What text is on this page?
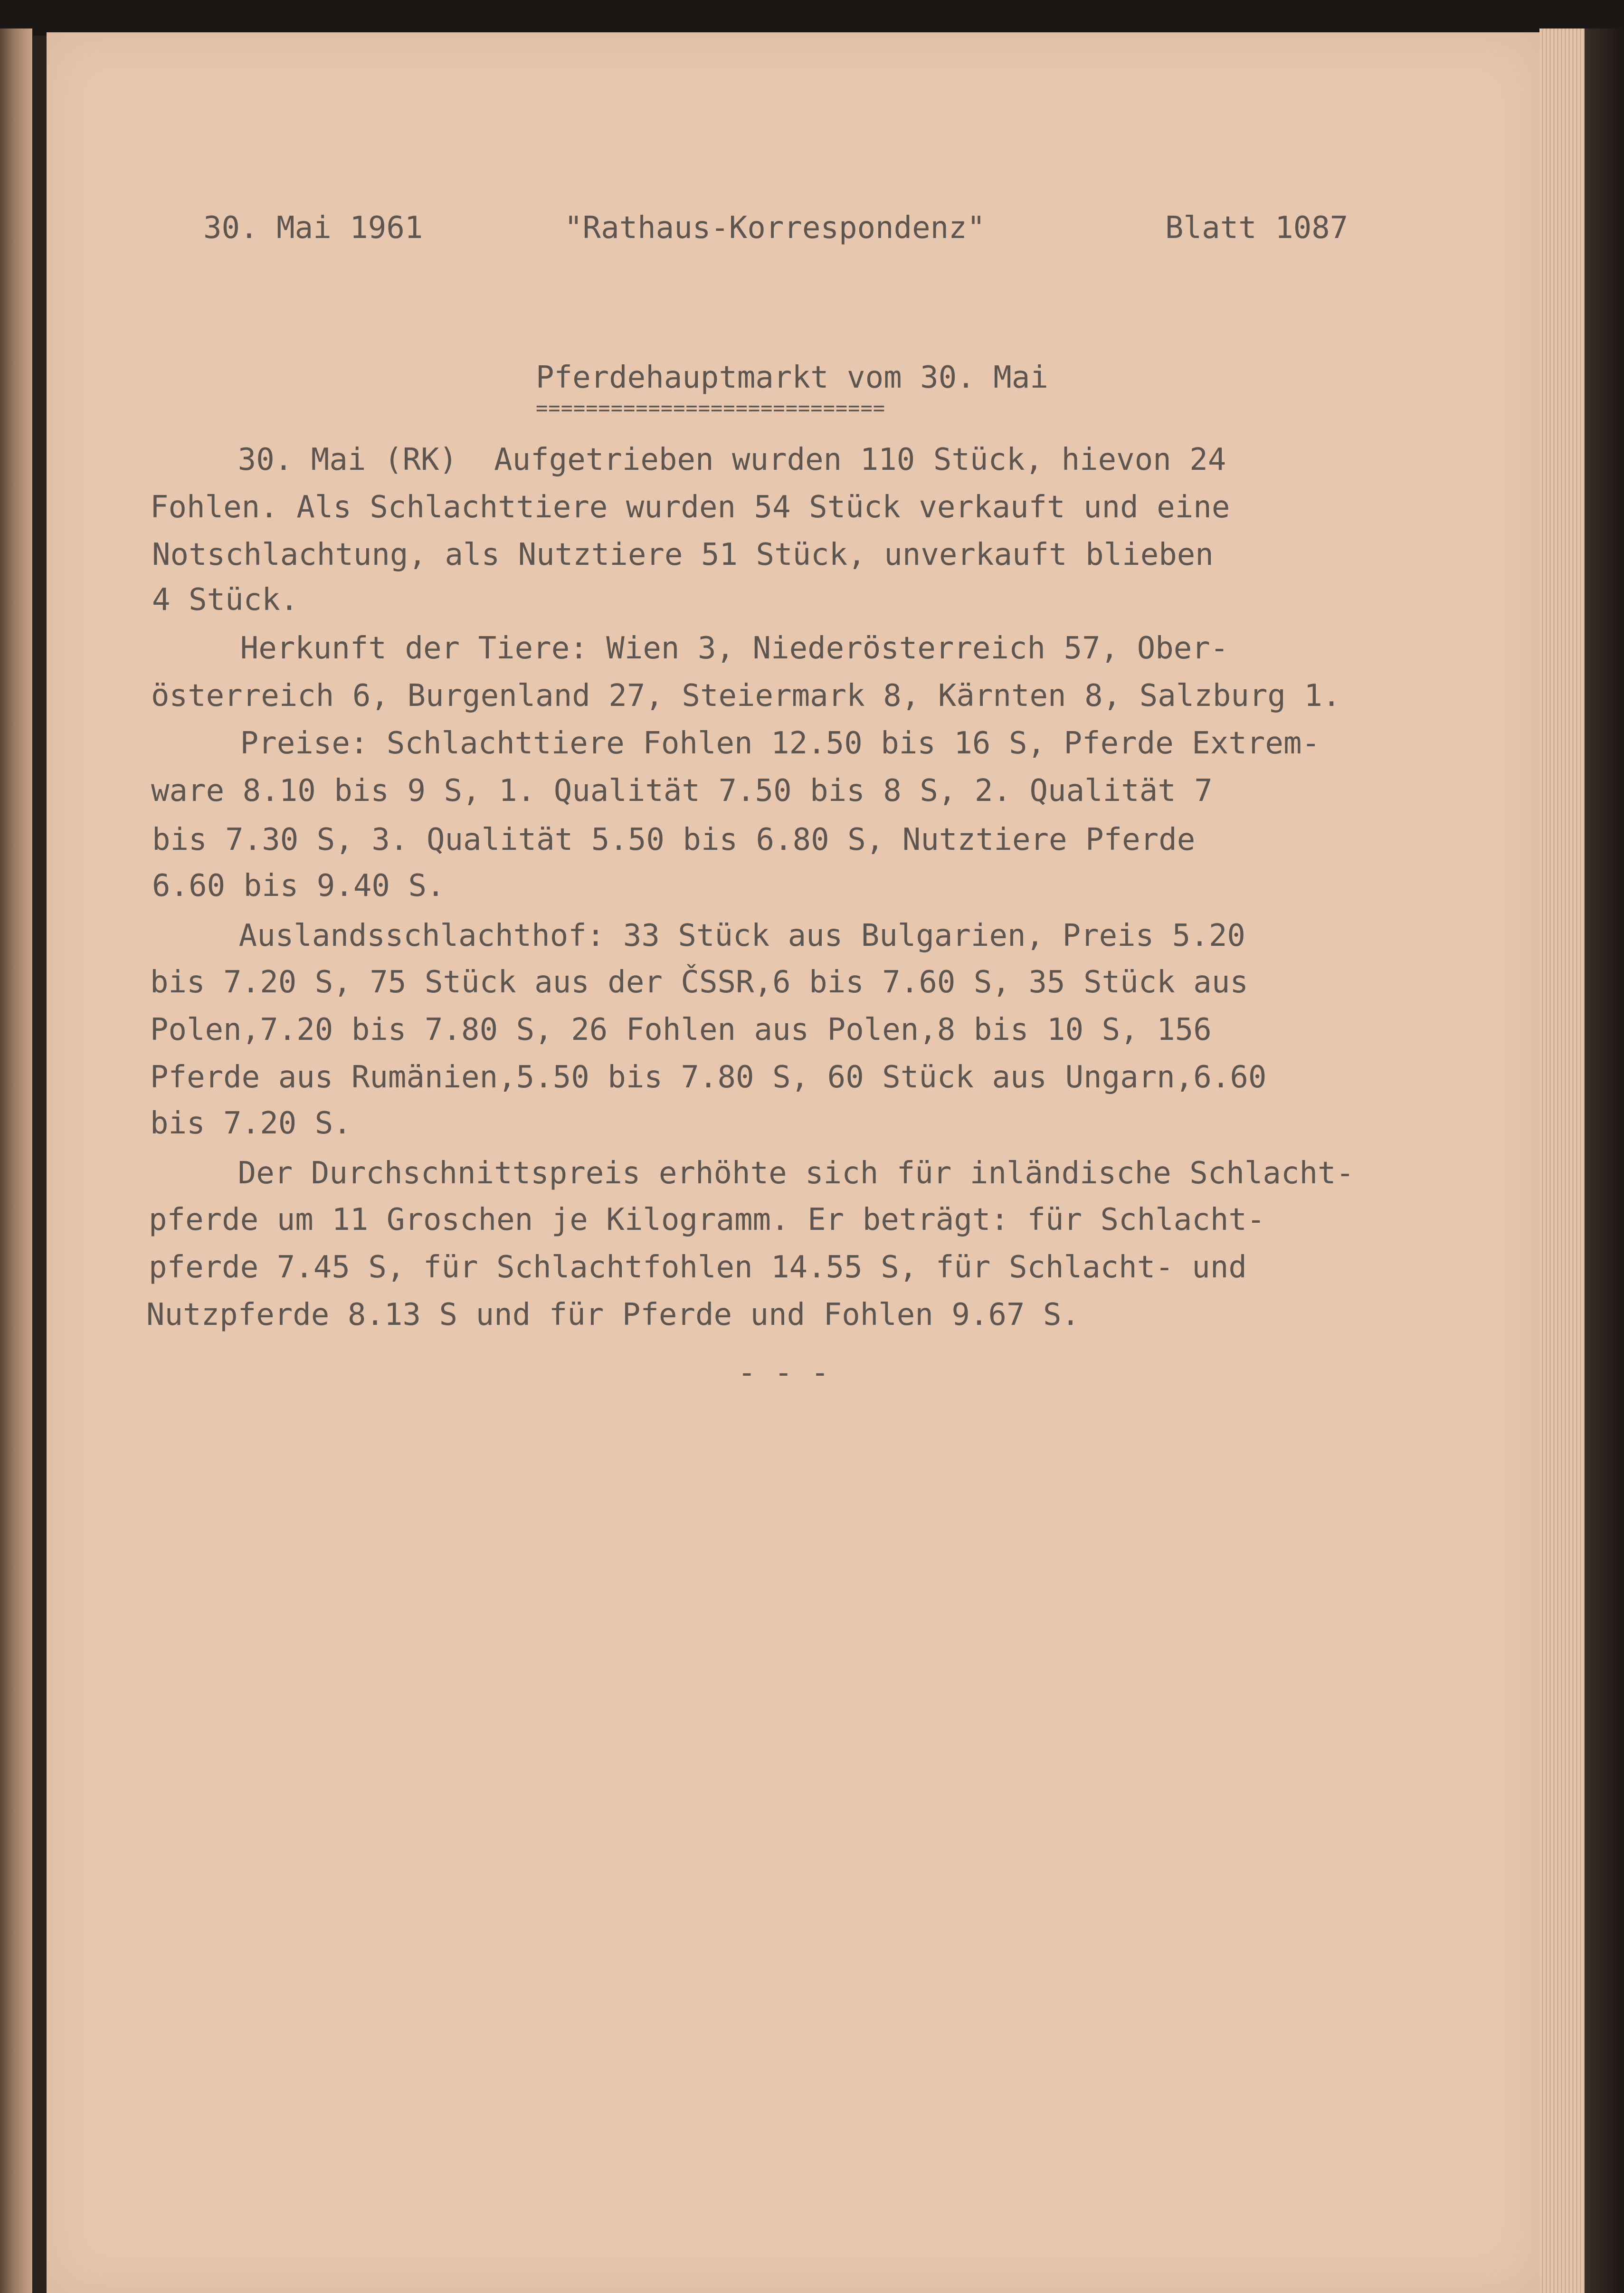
30. Mai 1961	"Rathaus-Korrespondenz"	Blatt 1087
Pferdehauptmarkt vom 30. Mai
============================
30. Mai (RK)  Aufgetrieben wurden 110 Stück, hievon 24
Fohlen. Als Schlachttiere wurden 54 Stück verkauft und eine
Notschlachtung, als Nutztiere 51 Stück, unverkauft blieben
4 Stück.
Herkunft der Tiere: Wien 3, Niederösterreich 57, Ober-
österreich 6, Burgenland 27, Steiermark 8, Kärnten 8, Salzburg 1.
Preise: Schlachttiere Fohlen 12.50 bis 16 S, Pferde Extrem-
ware 8.10 bis 9 S, 1. Qualität 7.50 bis 8 S, 2. Qualität 7
bis 7.30 S, 3. Qualität 5.50 bis 6.80 S, Nutztiere Pferde
6.60 bis 9.40 S.
Auslandsschlachthof: 33 Stück aus Bulgarien, Preis 5.20
bis 7.20 S, 75 Stück aus der ČSSR,6 bis 7.60 S, 35 Stück aus
Polen,7.20 bis 7.80 S, 26 Fohlen aus Polen,8 bis 10 S, 156
Pferde aus Rumänien,5.50 bis 7.80 S, 60 Stück aus Ungarn,6.60
bis 7.20 S.
Der Durchschnittspreis erhöhte sich für inländische Schlacht-
pferde um 11 Groschen je Kilogramm. Er beträgt: für Schlacht-
pferde 7.45 S, für Schlachtfohlen 14.55 S, für Schlacht- und
Nutzpferde 8.13 S und für Pferde und Fohlen 9.67 S.
- - -
